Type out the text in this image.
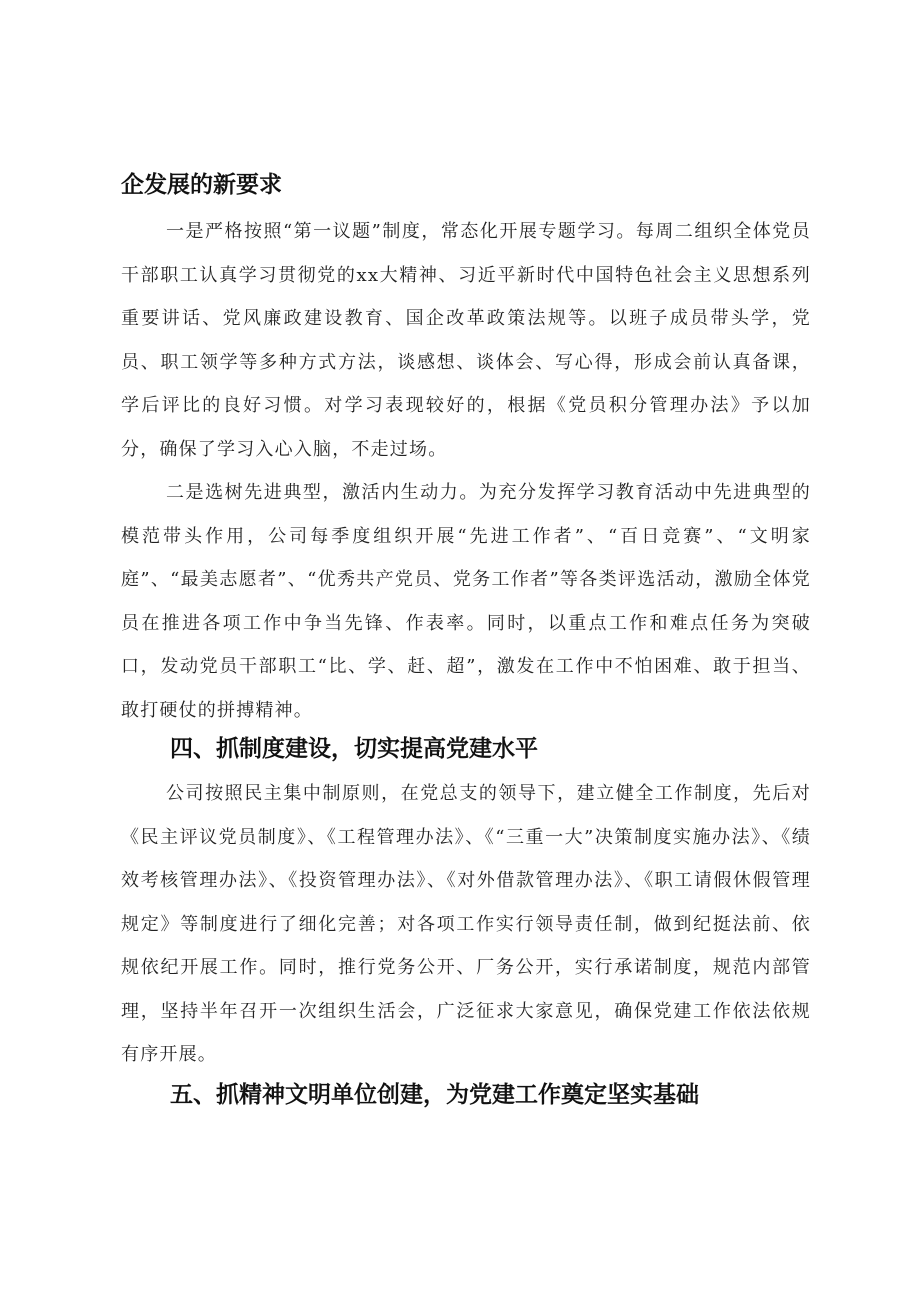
企发展的新要求

一是严格按照“第一议题”制度，常态化开展专题学习。每周二组织全体党员干部职工认真学习贯彻党的xx大精神、习近平新时代中国特色社会主义思想系列重要讲话、党风廉政建设教育、国企改革政策法规等。以班子成员带头学，党员、职工领学等多种方式方法，谈感想、谈体会、写心得，形成会前认真备课，学后评比的良好习惯。对学习表现较好的，根据《党员积分管理办法》予以加分，确保了学习入心入脑，不走过场。

二是选树先进典型，激活内生动力。为充分发挥学习教育活动中先进典型的模范带头作用，公司每季度组织开展“先进工作者”、“百日竞赛”、“文明家庭”、“最美志愿者”、“优秀共产党员、党务工作者”等各类评选活动，激励全体党员在推进各项工作中争当先锋、作表率。同时，以重点工作和难点任务为突破口，发动党员干部职工“比、学、赶、超”，激发在工作中不怕困难、敢于担当、敢打硬仗的拼搏精神。

四、抓制度建设，切实提高党建水平

公司按照民主集中制原则，在党总支的领导下，建立健全工作制度，先后对《民主评议党员制度》、《工程管理办法》、《“三重一大”决策制度实施办法》、《绩效考核管理办法》、《投资管理办法》、《对外借款管理办法》、《职工请假休假管理规定》等制度进行了细化完善；对各项工作实行领导责任制，做到纪挺法前、依规依纪开展工作。同时，推行党务公开、厂务公开，实行承诺制度，规范内部管理，坚持半年召开一次组织生活会，广泛征求大家意见，确保党建工作依法依规有序开展。

五、抓精神文明单位创建，为党建工作奠定坚实基础
